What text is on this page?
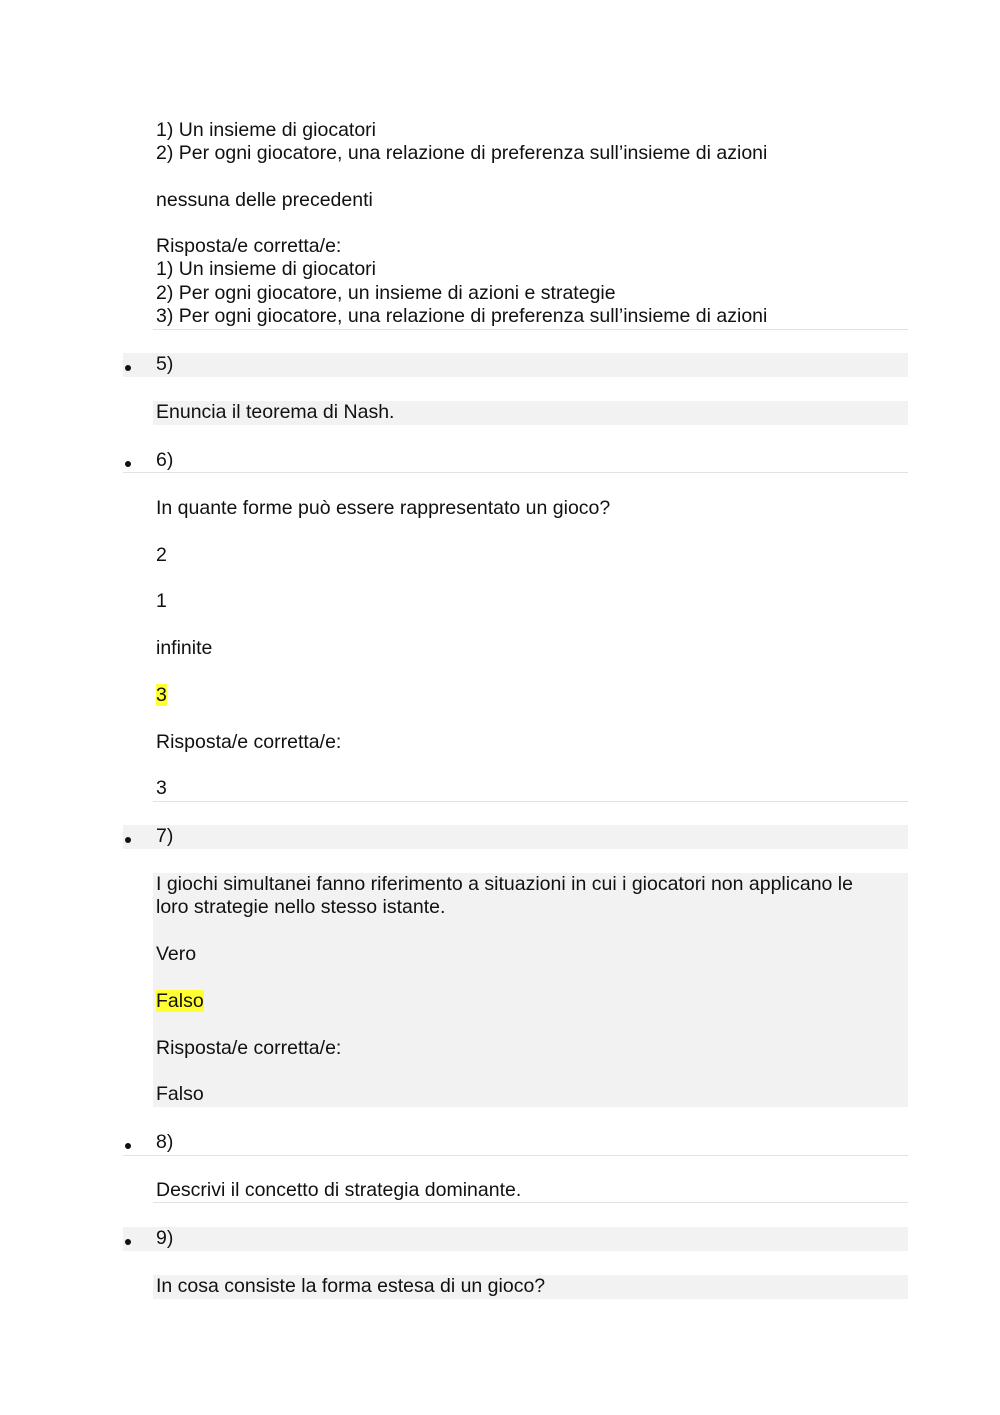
1) Un insieme di giocatori
2) Per ogni giocatore, una relazione di preferenza sull’insieme di azioni
nessuna delle precedenti
Risposta/e corretta/e:
1) Un insieme di giocatori
2) Per ogni giocatore, un insieme di azioni e strategie
3) Per ogni giocatore, una relazione di preferenza sull’insieme di azioni
5)
Enuncia il teorema di Nash.
6)
In quante forme può essere rappresentato un gioco?
2
1
infinite
3
Risposta/e corretta/e:
3
7)
I giochi simultanei fanno riferimento a situazioni in cui i giocatori non applicano le
loro strategie nello stesso istante.
Vero
Falso
Risposta/e corretta/e:
Falso
8)
Descrivi il concetto di strategia dominante.
9)
In cosa consiste la forma estesa di un gioco?
